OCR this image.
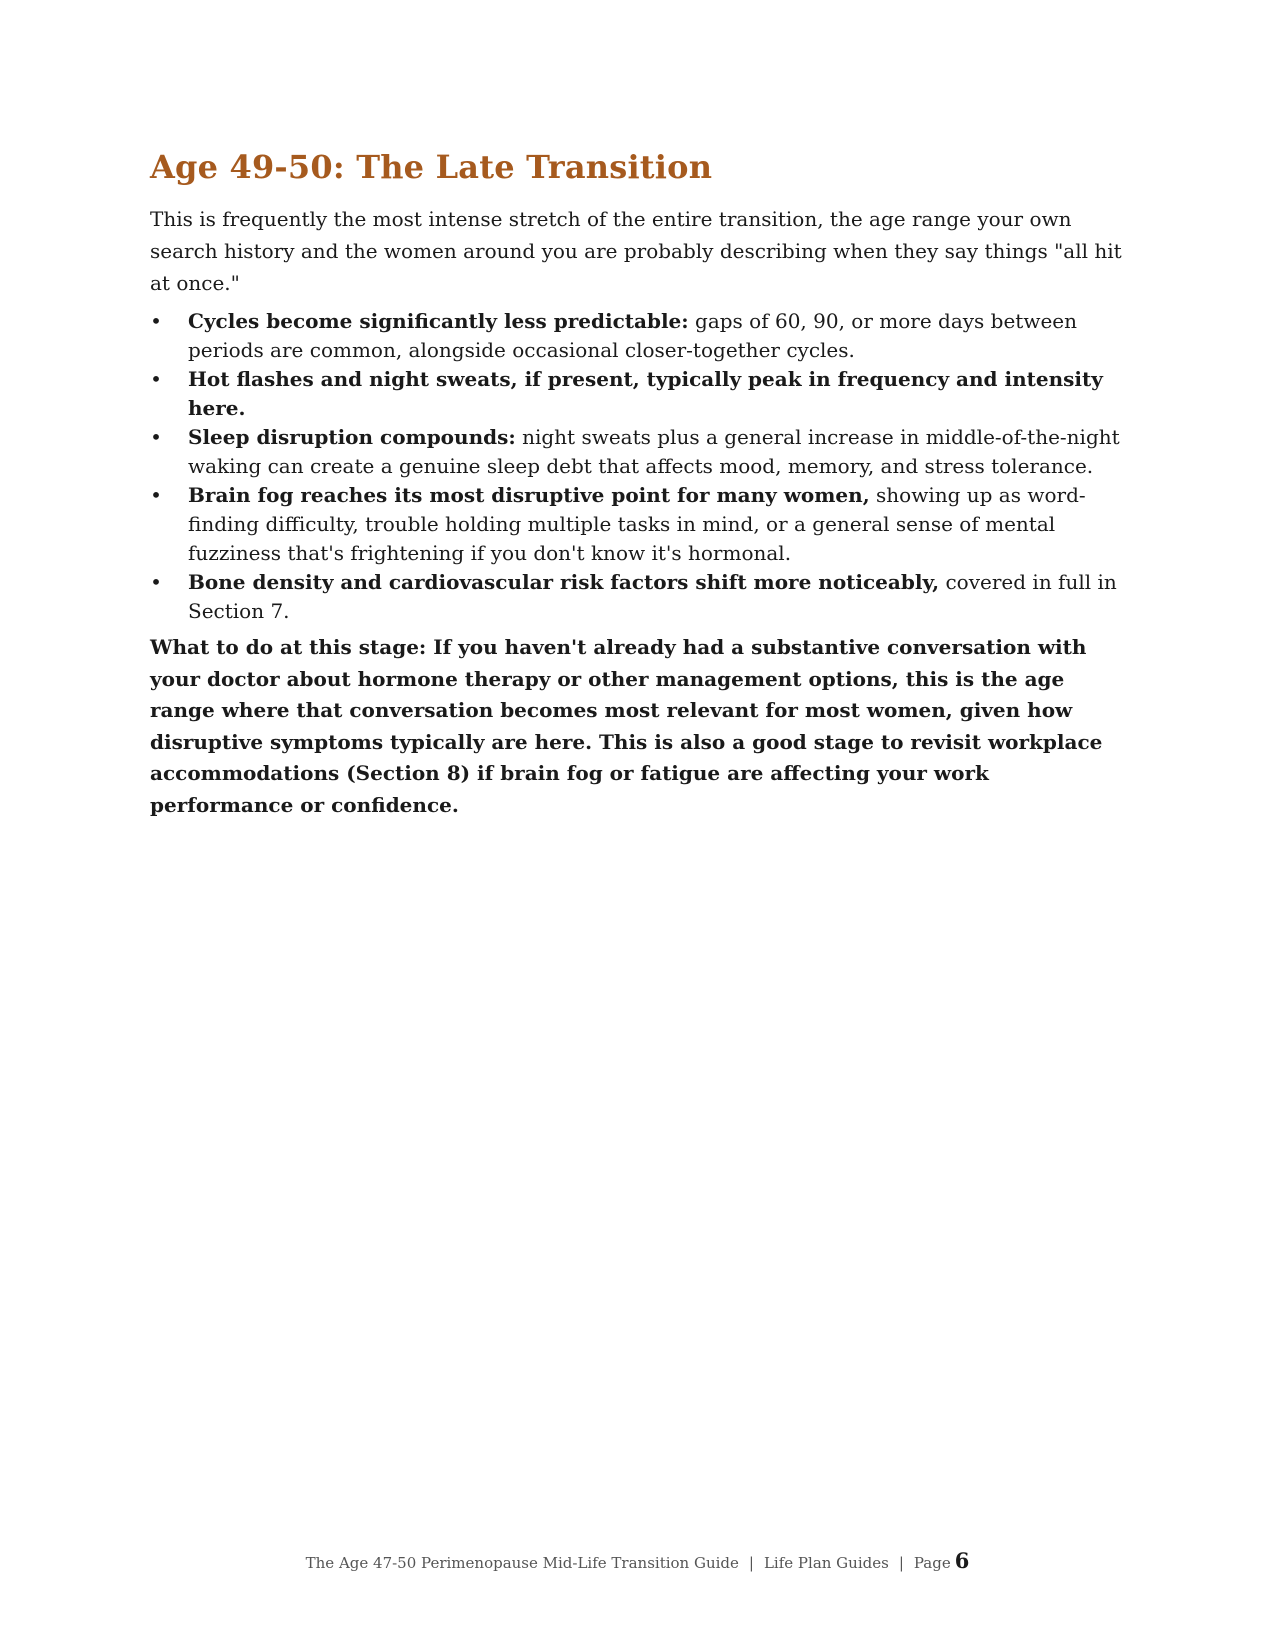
Age 49-50: The Late Transition

This is frequently the most intense stretch of the entire transition, the age range your own search history and the women around you are probably describing when they say things "all hit at once."

• Cycles become significantly less predictable: gaps of 60, 90, or more days between periods are common, alongside occasional closer-together cycles.
• Hot flashes and night sweats, if present, typically peak in frequency and intensity here.
• Sleep disruption compounds: night sweats plus a general increase in middle-of-the-night waking can create a genuine sleep debt that affects mood, memory, and stress tolerance.
• Brain fog reaches its most disruptive point for many women, showing up as word-finding difficulty, trouble holding multiple tasks in mind, or a general sense of mental fuzziness that's frightening if you don't know it's hormonal.
• Bone density and cardiovascular risk factors shift more noticeably, covered in full in Section 7.

What to do at this stage: If you haven't already had a substantive conversation with your doctor about hormone therapy or other management options, this is the age range where that conversation becomes most relevant for most women, given how disruptive symptoms typically are here. This is also a good stage to revisit workplace accommodations (Section 8) if brain fog or fatigue are affecting your work performance or confidence.

The Age 47-50 Perimenopause Mid-Life Transition Guide | Life Plan Guides | Page 6
